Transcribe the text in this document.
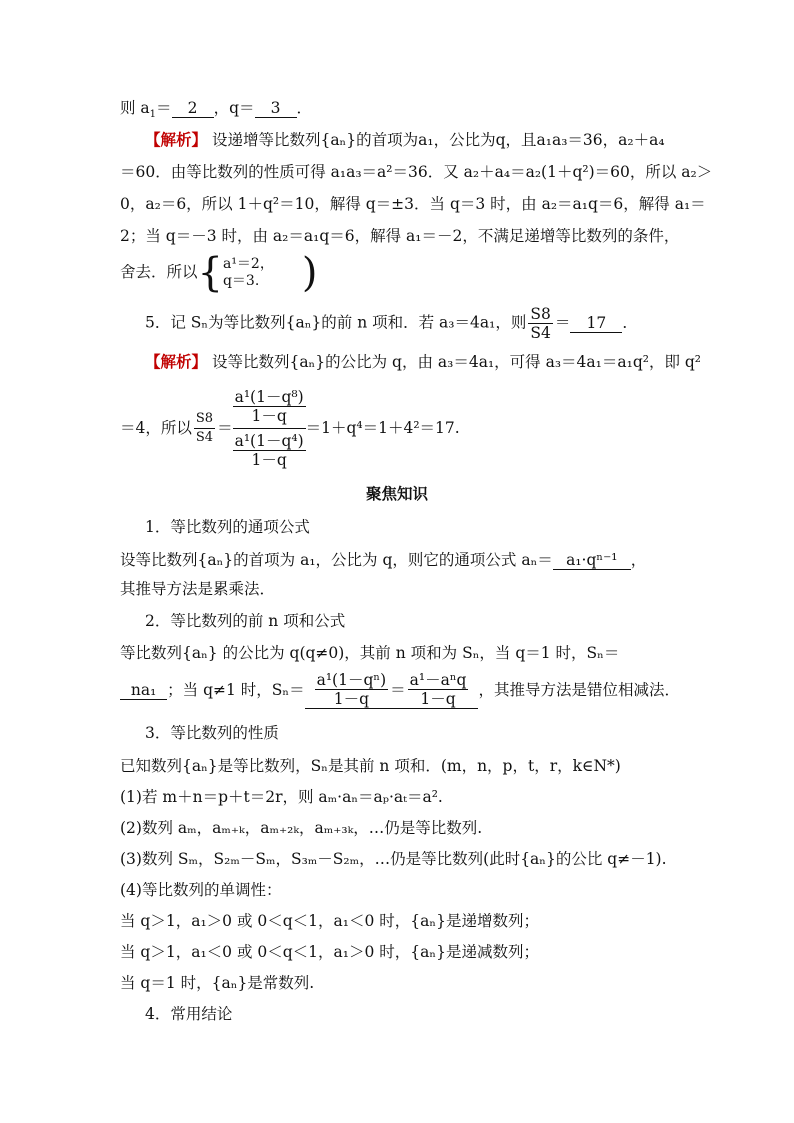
则 $a_1= 2$ ，q＝ 3 ．
【解析】 设递增等比数列{aₙ}的首项为a₁，公比为q，且a₁a₃＝36，a₂＋a₄
＝60．由等比数列的性质可得 a₁a₃＝a²＝36．又 a₂＋a₄＝a₂(1＋q²)＝60，所以 a₂＞
0，a₂＝6，所以 1＋q²＝10，解得 q＝±3．当 q＝3 时，由 a₂＝a₁q＝6，解得 a₁＝
2；当 q＝－3 时，由 a₂＝a₁q＝6，解得 a₁＝－2，不满足递增等比数列的条件，
舍去．所以 { a¹＝2，
q＝3.	)
5．记 Sₙ为等比数列{aₙ}的前 n 项和．若 a₃＝4a₁，则 $\frac{S8}{S4} = 17$ ．
【解析】 设等比数列{aₙ}的公比为 q，由 a₃＝4a₁，可得 a₃＝4a₁＝a₁q²，即 q²
＝4，所以 $\frac{S8}{S4}$ ＝
$\frac{\text{a¹(1－q⁸)}}{1-q}$
$\frac{\text{a¹(1－q⁴)}}{1-q}$
＝1＋q⁴＝1＋4²＝17.
聚焦知识
1．等比数列的通项公式
设等比数列{aₙ}的首项为 a₁，公比为 q，则它的通项公式 aₙ＝ a₁·qⁿ⁻¹ ，
其推导方法是累乘法．
2．等比数列的前 n 项和公式
等比数列{aₙ} 的公比为 q(q≠0)，其前 n 项和为 Sₙ，当 q＝1 时，Sₙ＝
na₁ ；当 q≠1 时，$S_n= \frac{\text{a¹(1－qⁿ)}}{1-q} = \frac{\text{a¹－aⁿq}}{1-q}$ ，其推导方法是错位相减法．
3．等比数列的性质
已知数列{aₙ}是等比数列，Sₙ是其前 n 项和．(m，n，p，t，r，k∈N*)
(1)若 m＋n＝p＋t＝2r，则 aₘ·aₙ＝aₚ·aₜ＝a².
(2)数列 aₘ，aₘ₊ₖ，aₘ₊₂ₖ，aₘ₊₃ₖ，…仍是等比数列.
(3)数列 Sₘ，S₂ₘ－Sₘ，S₃ₘ－S₂ₘ，…仍是等比数列(此时{aₙ}的公比 q≠－1).
(4)等比数列的单调性：
当 q＞1，a₁＞0 或 0＜q＜1，a₁＜0 时，{aₙ}是递增数列；
当 q＞1，a₁＜0 或 0＜q＜1，a₁＞0 时，{aₙ}是递减数列；
当 q＝1 时，{aₙ}是常数列.
4．常用结论
